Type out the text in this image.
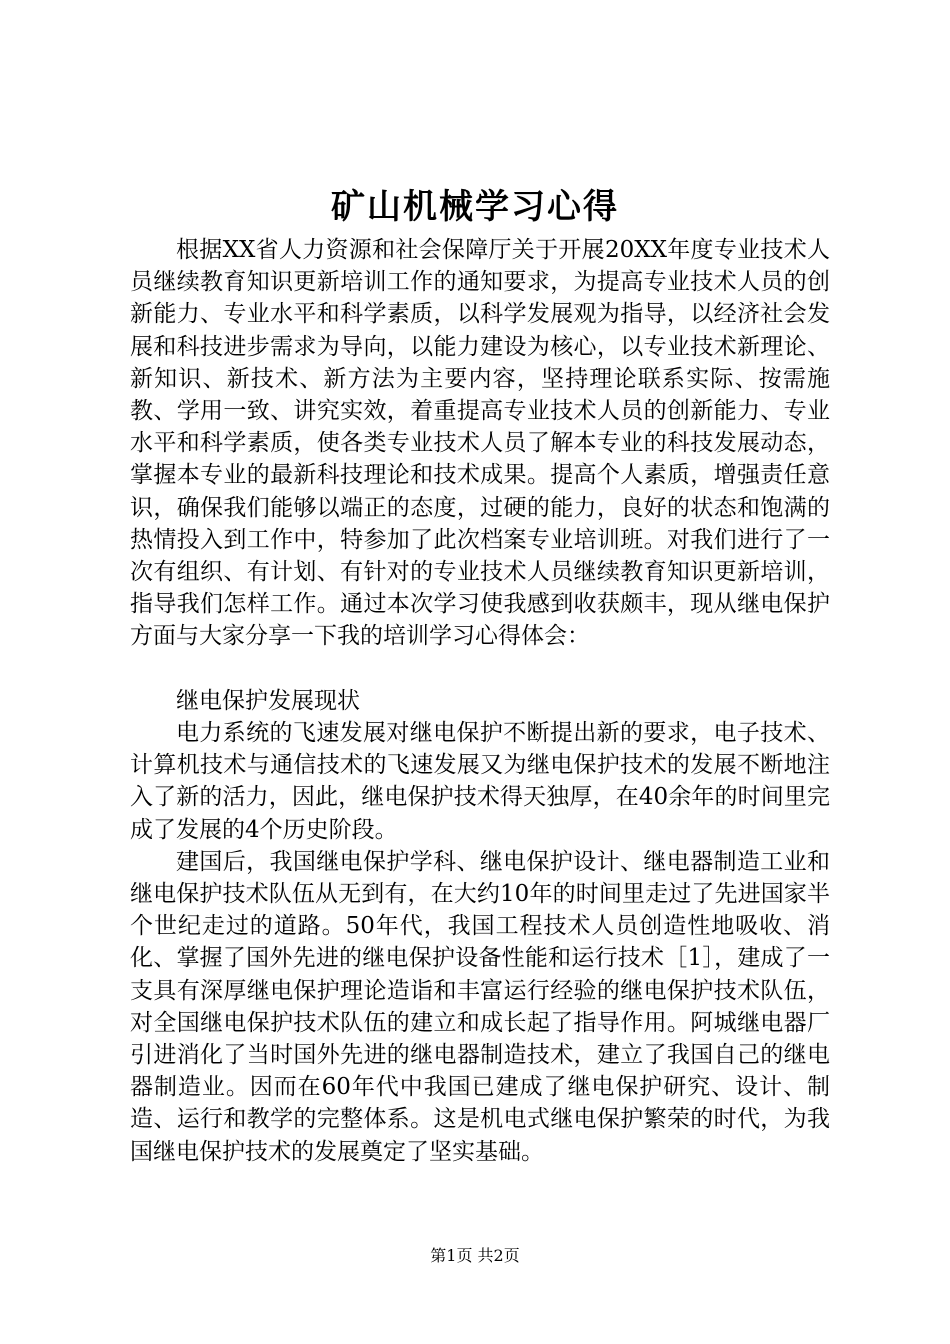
矿山机械学习心得

根据XX省人力资源和社会保障厅关于开展20XX年度专业技术人员继续教育知识更新培训工作的通知要求，为提高专业技术人员的创新能力、专业水平和科学素质，以科学发展观为指导，以经济社会发展和科技进步需求为导向，以能力建设为核心，以专业技术新理论、新知识、新技术、新方法为主要内容，坚持理论联系实际、按需施教、学用一致、讲究实效，着重提高专业技术人员的创新能力、专业水平和科学素质，使各类专业技术人员了解本专业的科技发展动态，掌握本专业的最新科技理论和技术成果。提高个人素质，增强责任意识，确保我们能够以端正的态度，过硬的能力，良好的状态和饱满的热情投入到工作中，特参加了此次档案专业培训班。对我们进行了一次有组织、有计划、有针对的专业技术人员继续教育知识更新培训，指导我们怎样工作。通过本次学习使我感到收获颇丰，现从继电保护方面与大家分享一下我的培训学习心得体会：

继电保护发展现状

电力系统的飞速发展对继电保护不断提出新的要求，电子技术、计算机技术与通信技术的飞速发展又为继电保护技术的发展不断地注入了新的活力，因此，继电保护技术得天独厚，在40余年的时间里完成了发展的4个历史阶段。

建国后，我国继电保护学科、继电保护设计、继电器制造工业和继电保护技术队伍从无到有，在大约10年的时间里走过了先进国家半个世纪走过的道路。50年代，我国工程技术人员创造性地吸收、消化、掌握了国外先进的继电保护设备性能和运行技术［1］，建成了一支具有深厚继电保护理论造诣和丰富运行经验的继电保护技术队伍，对全国继电保护技术队伍的建立和成长起了指导作用。阿城继电器厂引进消化了当时国外先进的继电器制造技术，建立了我国自己的继电器制造业。因而在60年代中我国已建成了继电保护研究、设计、制造、运行和教学的完整体系。这是机电式继电保护繁荣的时代，为我国继电保护技术的发展奠定了坚实基础。

第1页 共2页
